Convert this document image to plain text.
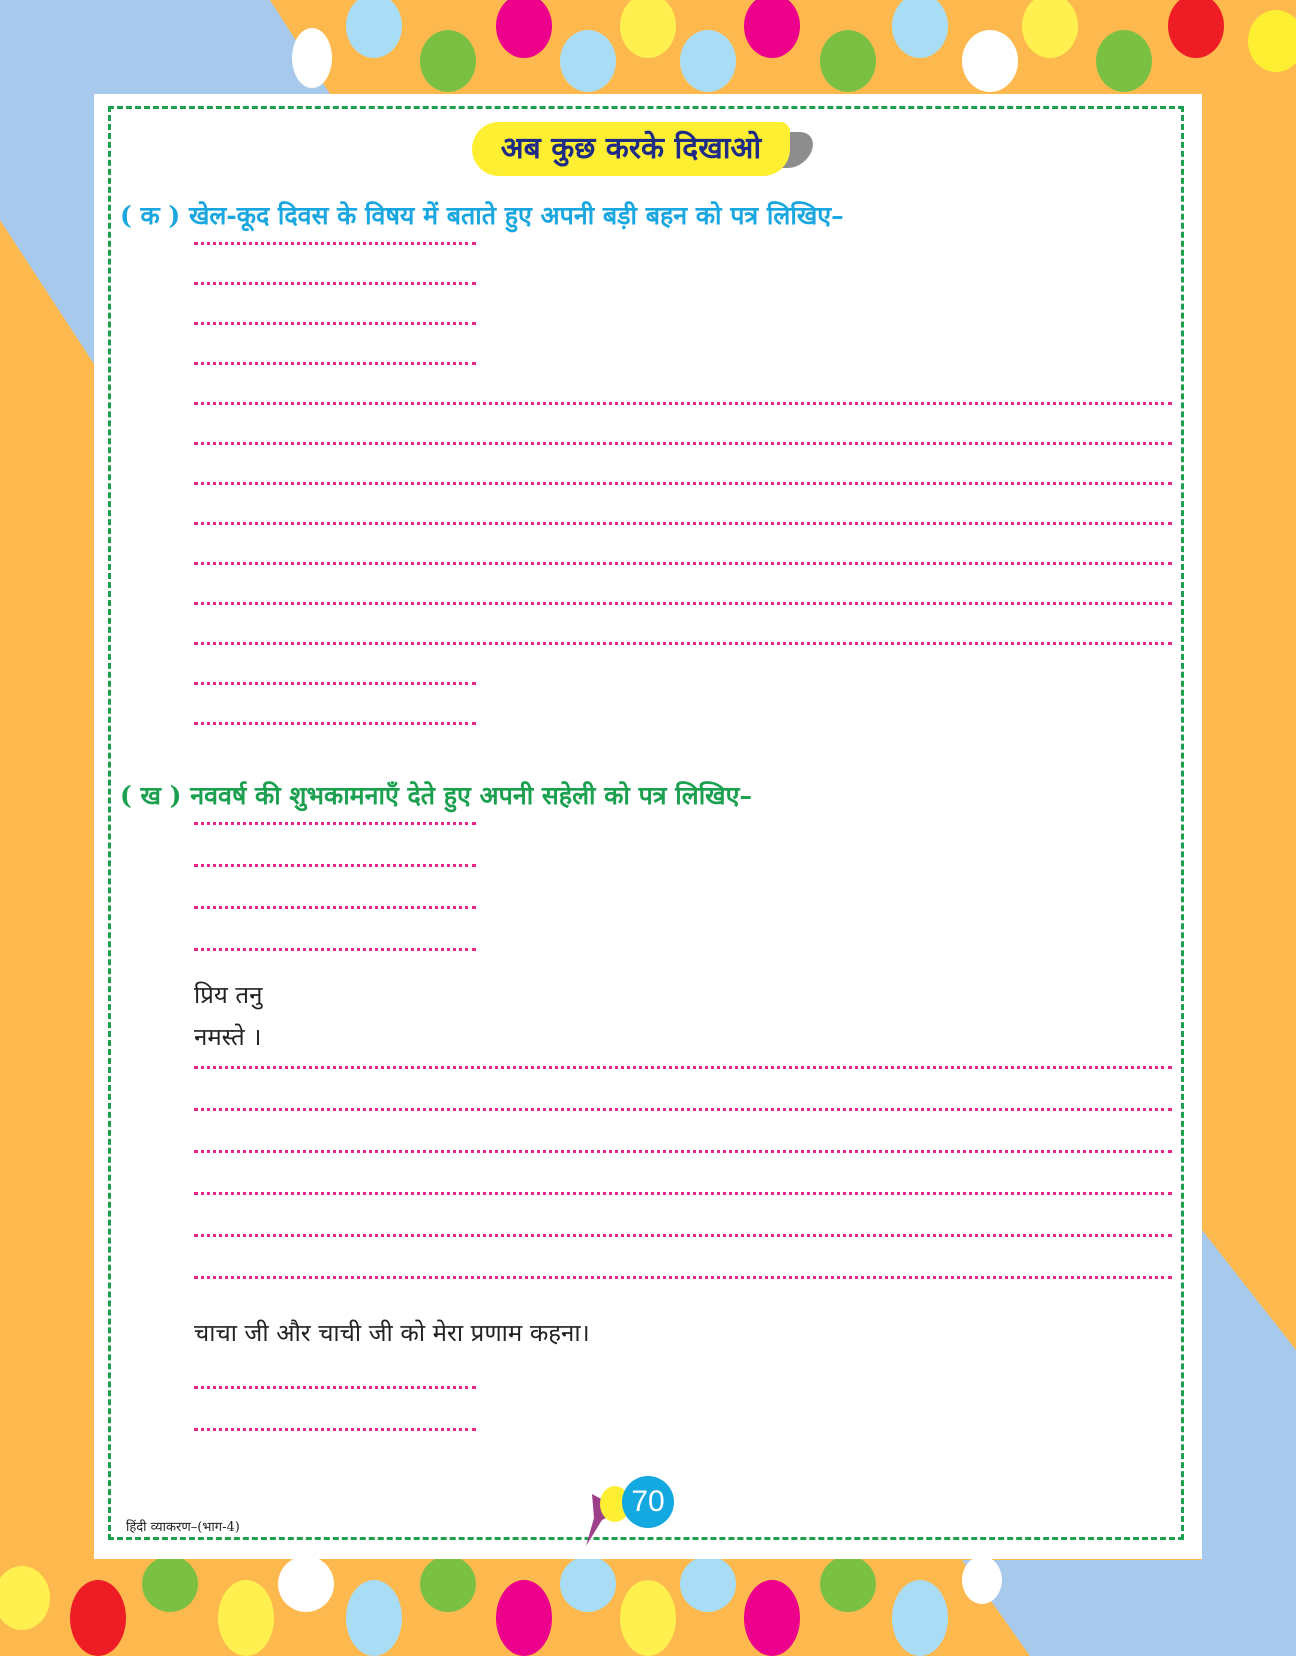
अब कुछ करके दिखाओ
( क ) खेल-कूद दिवस के विषय में बताते हुए अपनी बड़ी बहन को पत्र लिखिए–
( ख ) नववर्ष की शुभकामनाएँ देते हुए अपनी सहेली को पत्र लिखिए–
प्रिय तनु
नमस्ते ।
चाचा जी और चाची जी को मेरा प्रणाम कहना।
हिंदी व्याकरण–(भाग-4)
70
